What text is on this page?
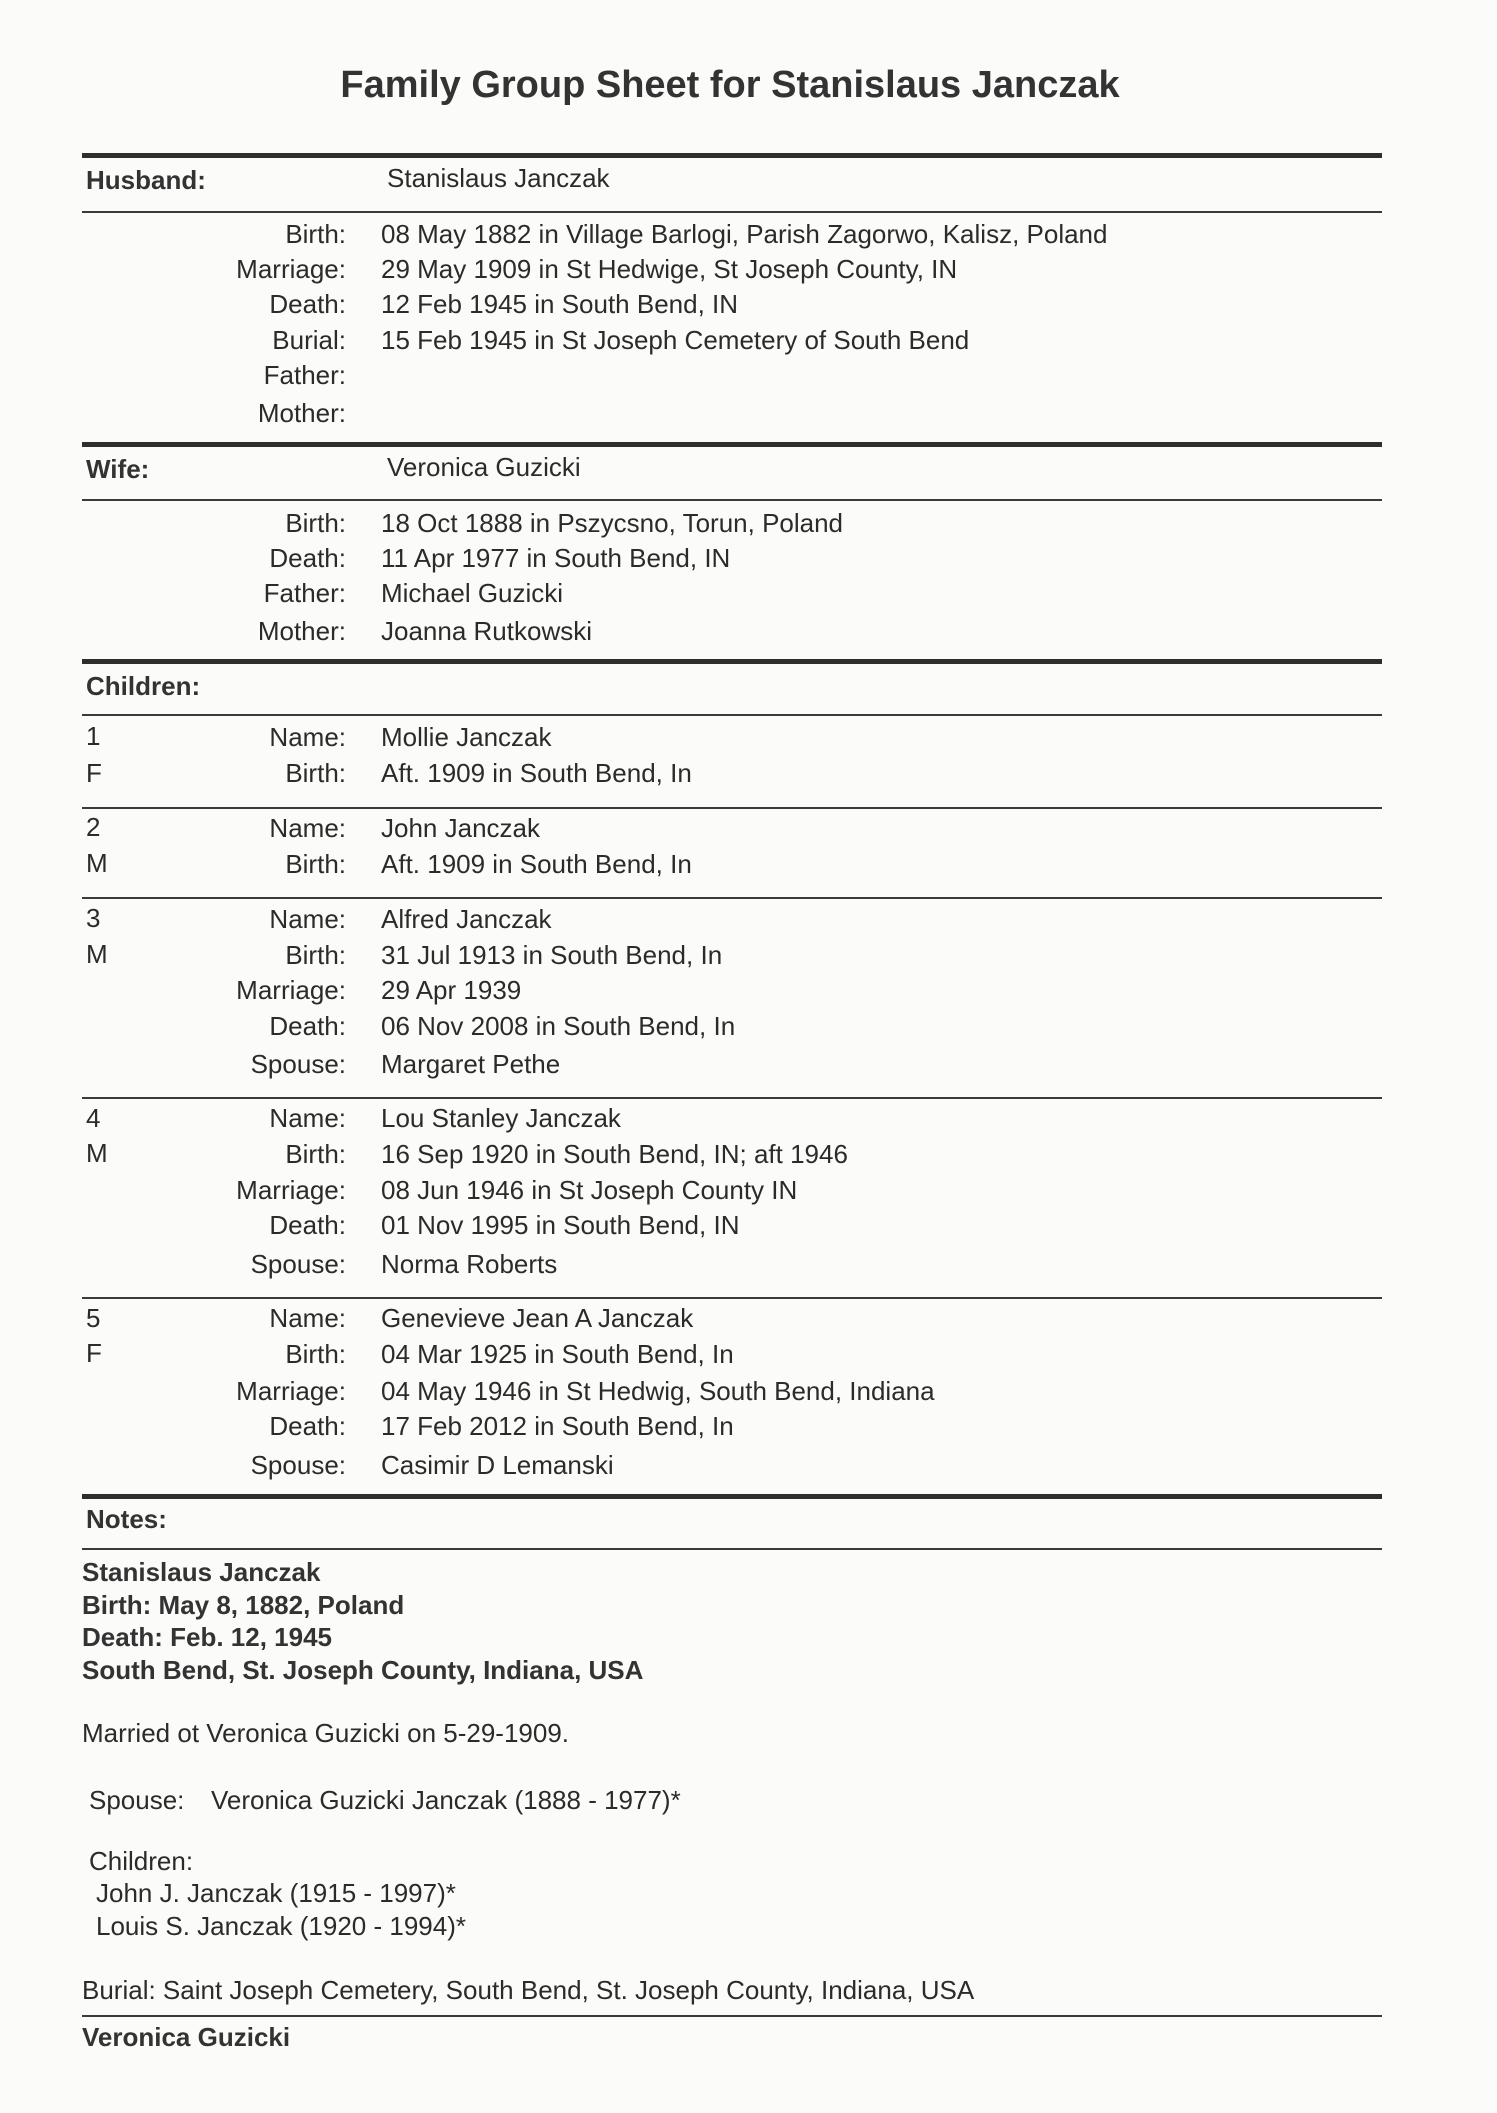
Family Group Sheet for Stanislaus Janczak
Husband:	Stanislaus Janczak
Birth: 08 May 1882 in Village Barlogi, Parish Zagorwo, Kalisz, Poland
Marriage: 29 May 1909 in St Hedwige, St Joseph County, IN
Death: 12 Feb 1945 in South Bend, IN
Burial: 15 Feb 1945 in St Joseph Cemetery of South Bend
Father:
Mother:
Wife:	Veronica Guzicki
Birth: 18 Oct 1888 in Pszycsno, Torun, Poland
Death: 11 Apr 1977 in South Bend, IN
Father: Michael Guzicki
Mother: Joanna Rutkowski
Children:
1
F
Name: Mollie Janczak
Birth: Aft. 1909 in South Bend, In
2
M
Name: John Janczak
Birth: Aft. 1909 in South Bend, In
3
M
Name: Alfred Janczak
Birth: 31 Jul 1913 in South Bend, In
Marriage: 29 Apr 1939
Death: 06 Nov 2008 in South Bend, In
Spouse: Margaret Pethe
4
M
Name: Lou Stanley Janczak
Birth: 16 Sep 1920 in South Bend, IN; aft 1946
Marriage: 08 Jun 1946 in St Joseph County IN
Death: 01 Nov 1995 in South Bend, IN
Spouse: Norma Roberts
5
F
Name: Genevieve Jean A Janczak
Birth: 04 Mar 1925 in South Bend, In
Marriage: 04 May 1946 in St Hedwig, South Bend, Indiana
Death: 17 Feb 2012 in South Bend, In
Spouse: Casimir D Lemanski
Notes:
Stanislaus Janczak
Birth: May 8, 1882, Poland
Death: Feb. 12, 1945
South Bend, St. Joseph County, Indiana, USA
Married ot Veronica Guzicki on 5-29-1909.
Spouse: Veronica Guzicki Janczak (1888 - 1977)*
Children:
John J. Janczak (1915 - 1997)*
Louis S. Janczak (1920 - 1994)*
Burial: Saint Joseph Cemetery, South Bend, St. Joseph County, Indiana, USA
Veronica Guzicki
